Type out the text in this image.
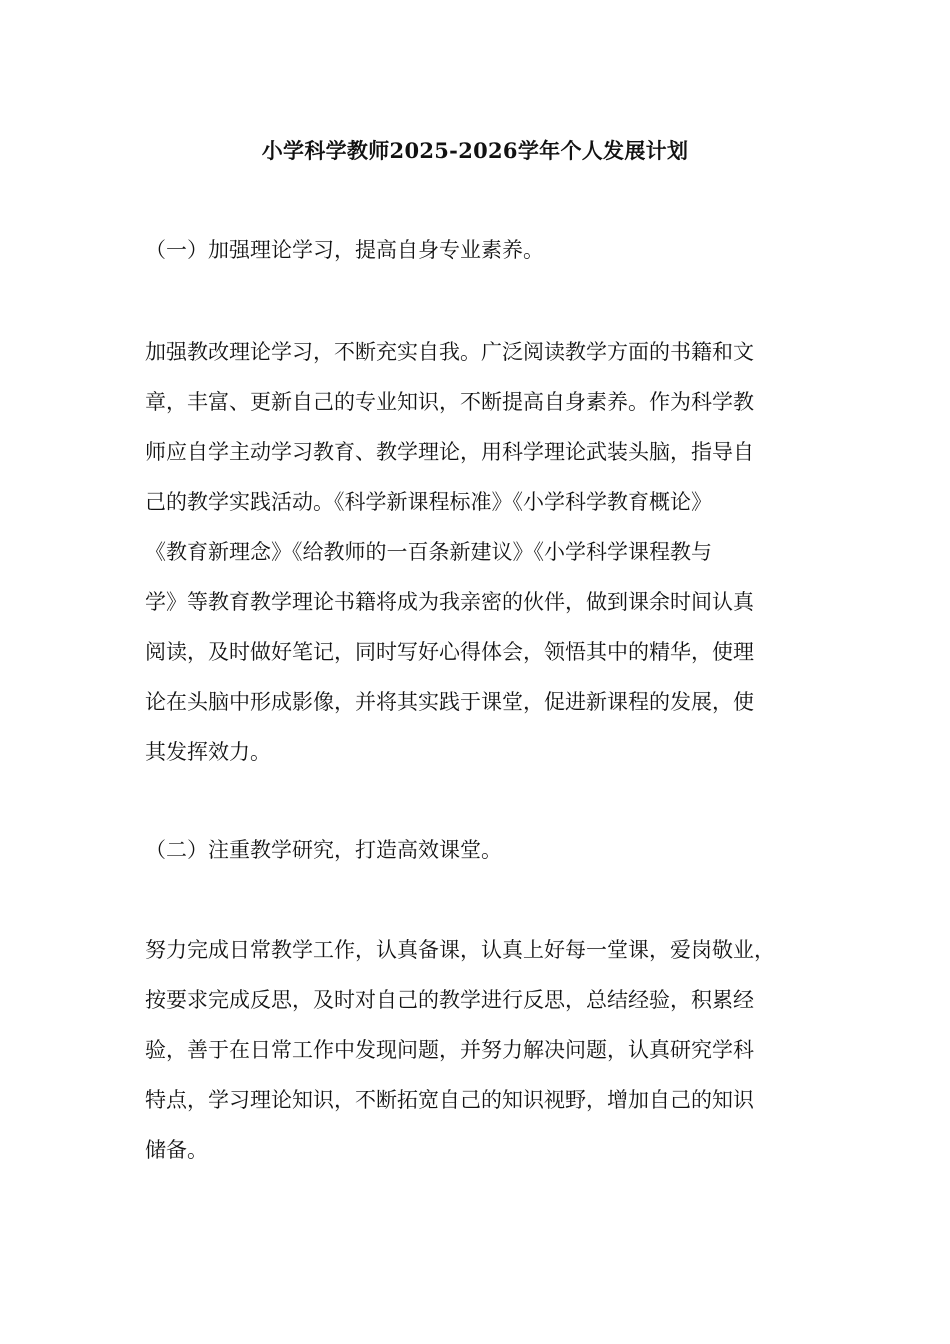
小学科学教师2025-2026学年个人发展计划
（一）加强理论学习，提高自身专业素养。
加强教改理论学习，不断充实自我。广泛阅读教学方面的书籍和文
章，丰富、更新自己的专业知识，不断提高自身素养。作为科学教
师应自学主动学习教育、教学理论，用科学理论武装头脑，指导自
己的教学实践活动。《科学新课程标准》《小学科学教育概论》
《教育新理念》《给教师的一百条新建议》《小学科学课程教与
学》等教育教学理论书籍将成为我亲密的伙伴，做到课余时间认真
阅读，及时做好笔记，同时写好心得体会，领悟其中的精华，使理
论在头脑中形成影像，并将其实践于课堂，促进新课程的发展，使
其发挥效力。
（二）注重教学研究，打造高效课堂。
努力完成日常教学工作，认真备课，认真上好每一堂课，爱岗敬业，
按要求完成反思，及时对自己的教学进行反思，总结经验，积累经
验，善于在日常工作中发现问题，并努力解决问题，认真研究学科
特点，学习理论知识，不断拓宽自己的知识视野，增加自己的知识
储备。
